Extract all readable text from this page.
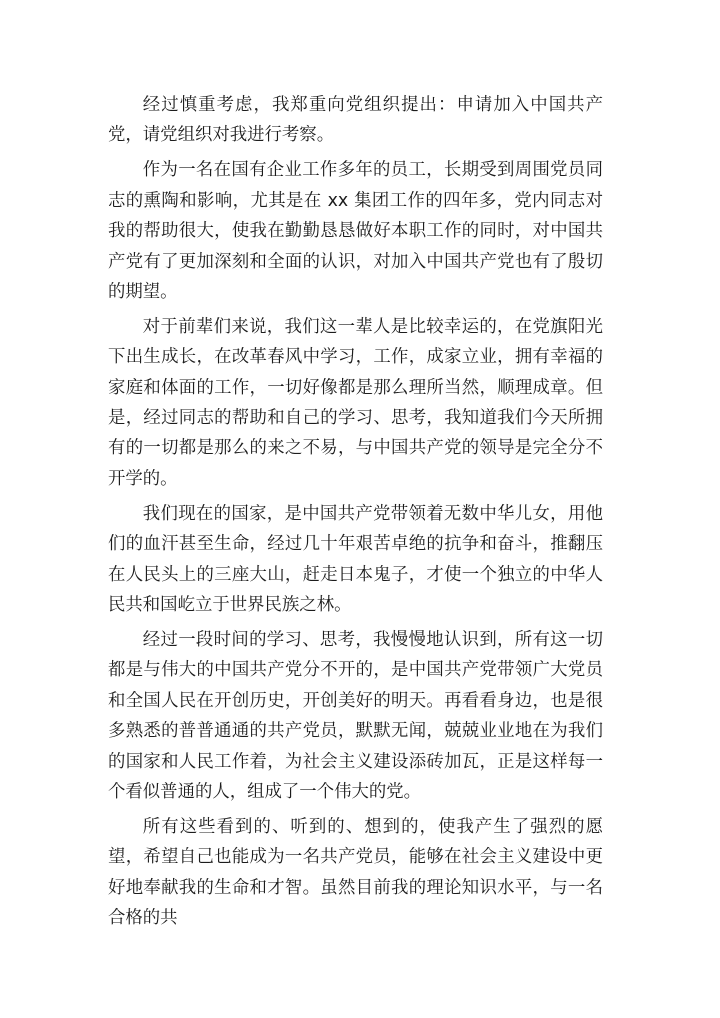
经过慎重考虑，我郑重向党组织提出：申请加入中国共产党，请党组织对我进行考察。

作为一名在国有企业工作多年的员工，长期受到周围党员同志的熏陶和影响，尤其是在 xx 集团工作的四年多，党内同志对我的帮助很大，使我在勤勤恳恳做好本职工作的同时，对中国共产党有了更加深刻和全面的认识，对加入中国共产党也有了殷切的期望。

对于前辈们来说，我们这一辈人是比较幸运的，在党旗阳光下出生成长，在改革春风中学习，工作，成家立业，拥有幸福的家庭和体面的工作，一切好像都是那么理所当然，顺理成章。但是，经过同志的帮助和自己的学习、思考，我知道我们今天所拥有的一切都是那么的来之不易，与中国共产党的领导是完全分不开学的。

我们现在的国家，是中国共产党带领着无数中华儿女，用他们的血汗甚至生命，经过几十年艰苦卓绝的抗争和奋斗，推翻压在人民头上的三座大山，赶走日本鬼子，才使一个独立的中华人民共和国屹立于世界民族之林。

经过一段时间的学习、思考，我慢慢地认识到，所有这一切都是与伟大的中国共产党分不开的，是中国共产党带领广大党员和全国人民在开创历史，开创美好的明天。再看看身边，也是很多熟悉的普普通通的共产党员，默默无闻，兢兢业业地在为我们的国家和人民工作着，为社会主义建设添砖加瓦，正是这样每一个看似普通的人，组成了一个伟大的党。

所有这些看到的、听到的、想到的，使我产生了强烈的愿望，希望自己也能成为一名共产党员，能够在社会主义建设中更好地奉献我的生命和才智。虽然目前我的理论知识水平，与一名合格的共
